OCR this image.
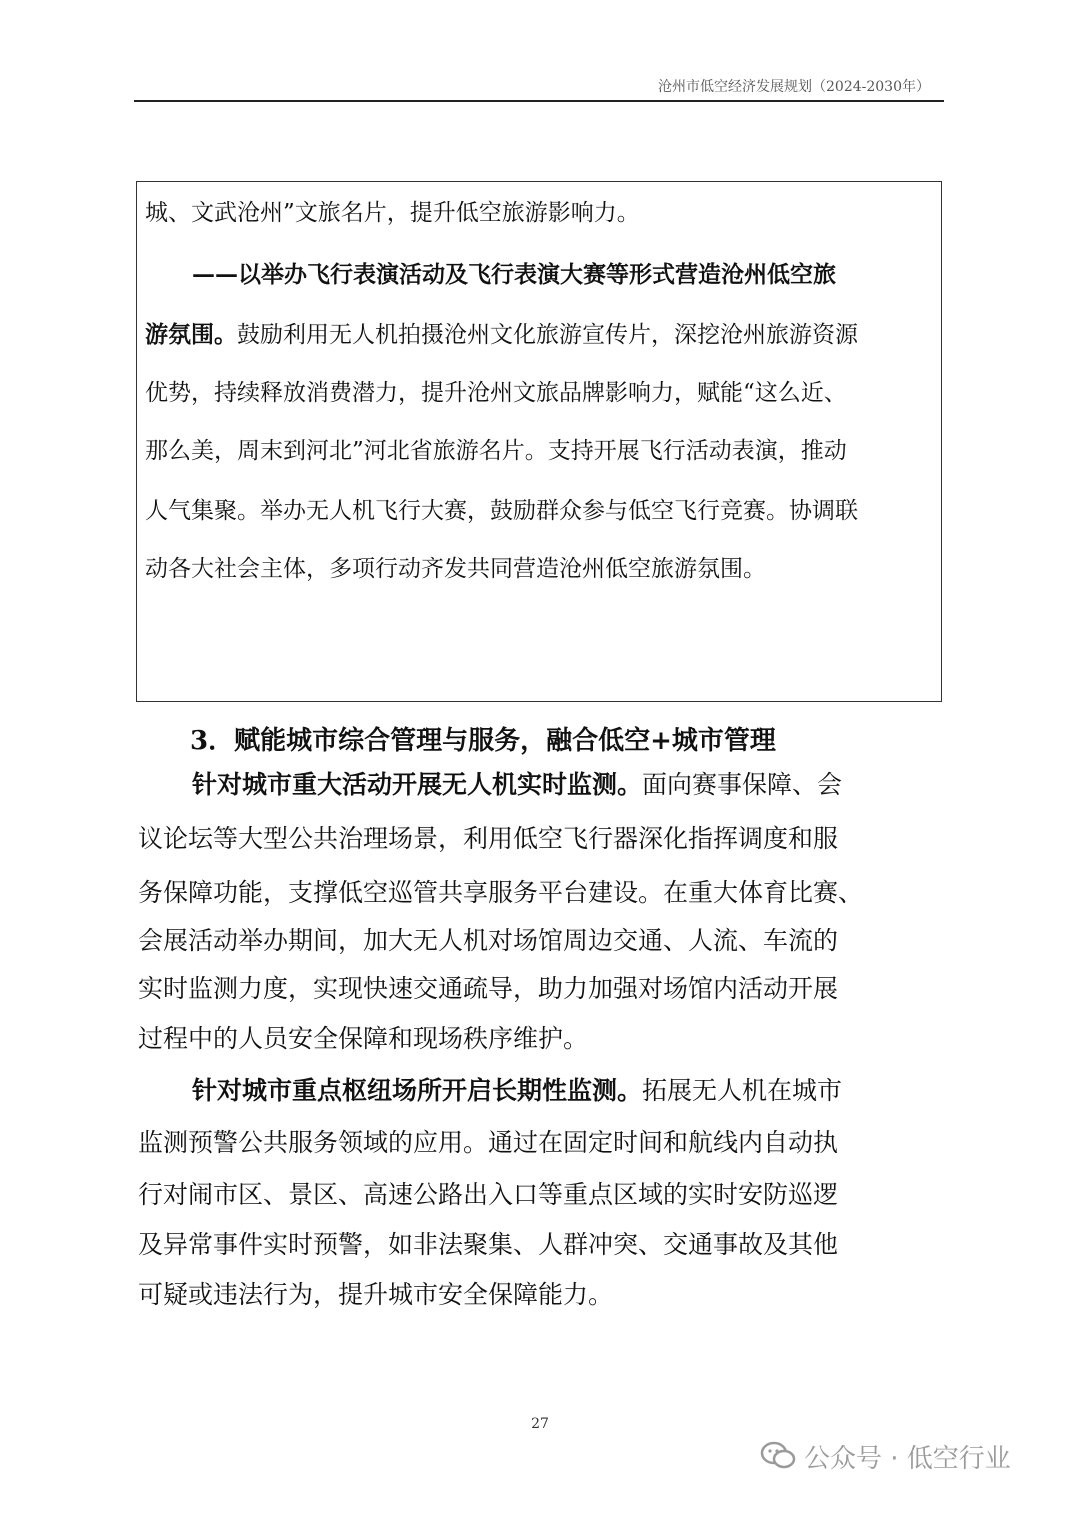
沧州市低空经济发展规划（2024-2030年）
城、文武沧州”文旅名片，提升低空旅游影响力。
——以举办飞行表演活动及飞行表演大赛等形式营造沧州低空旅
游氛围。鼓励利用无人机拍摄沧州文化旅游宣传片，深挖沧州旅游资源
优势，持续释放消费潜力，提升沧州文旅品牌影响力，赋能“这么近、
那么美，周末到河北”河北省旅游名片。支持开展飞行活动表演，推动
人气集聚。举办无人机飞行大赛，鼓励群众参与低空飞行竞赛。协调联
动各大社会主体，多项行动齐发共同营造沧州低空旅游氛围。
3．赋能城市综合管理与服务，融合低空+城市管理
针对城市重大活动开展无人机实时监测。面向赛事保障、会
议论坛等大型公共治理场景，利用低空飞行器深化指挥调度和服
务保障功能，支撑低空巡管共享服务平台建设。在重大体育比赛、
会展活动举办期间，加大无人机对场馆周边交通、人流、车流的
实时监测力度，实现快速交通疏导，助力加强对场馆内活动开展
过程中的人员安全保障和现场秩序维护。
针对城市重点枢纽场所开启长期性监测。拓展无人机在城市
监测预警公共服务领域的应用。通过在固定时间和航线内自动执
行对闹市区、景区、高速公路出入口等重点区域的实时安防巡逻
及异常事件实时预警，如非法聚集、人群冲突、交通事故及其他
可疑或违法行为，提升城市安全保障能力。
27
公众号 · 低空行业
